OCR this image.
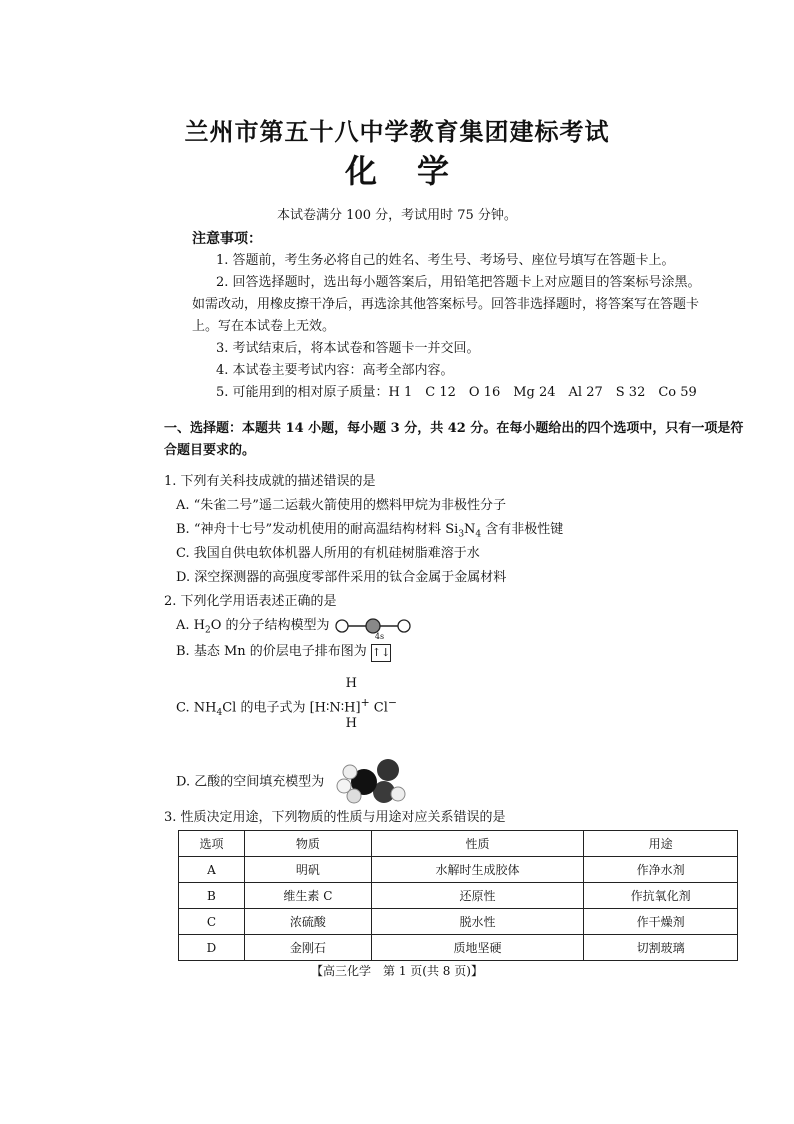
兰州市第五十八中学教育集团建标考试
化学
本试卷满分 100 分，考试用时 75 分钟。
注意事项：

1. 答题前，考生务必将自己的姓名、考生号、考场号、座位号填写在答题卡上。

2. 回答选择题时，选出每小题答案后，用铅笔把答题卡上对应题目的答案标号涂黑。如需改动，用橡皮擦干净后，再选涂其他答案标号。回答非选择题时，将答案写在答题卡上。写在本试卷上无效。

3. 考试结束后，将本试卷和答题卡一并交回。

4. 本试卷主要考试内容：高考全部内容。

5. 可能用到的相对原子质量：H 1　C 12　O 16　Mg 24　Al 27　S 32　Co 59

一、选择题：本题共 14 小题，每小题 3 分，共 42 分。在每小题给出的四个选项中，只有一项是符合题目要求的。
1. 下列有关科技成就的描述错误的是
A. “朱雀二号”遥二运载火箭使用的燃料甲烷为非极性分子
B. “神舟十七号”发动机使用的耐高温结构材料 $Si_3N_4$ 含有非极性键
C. 我国自供电软体机器人所用的有机硅树脂难溶于水
D. 深空探测器的高强度零部件采用的钛合金属于金属材料
2. 下列化学用语表述正确的是
A. $H_2O$ 的分子结构模型为
B. 基态 Mn 的价层电子排布图为
4s
↑↓
C. $NH_4Cl$ 的电子式为
H
[H∶N∶H]+ Cl−
H
D. 乙酸的空间填充模型为
3. 性质决定用途，下列物质的性质与用途对应关系错误的是
选项	物质	性质	用途
A	明矾	水解时生成胶体	作净水剂
B	维生素 C	还原性	作抗氧化剂
C	浓硫酸	脱水性	作干燥剂
D	金刚石	质地坚硬	切割玻璃
【高三化学　第 1 页(共 8 页)】
